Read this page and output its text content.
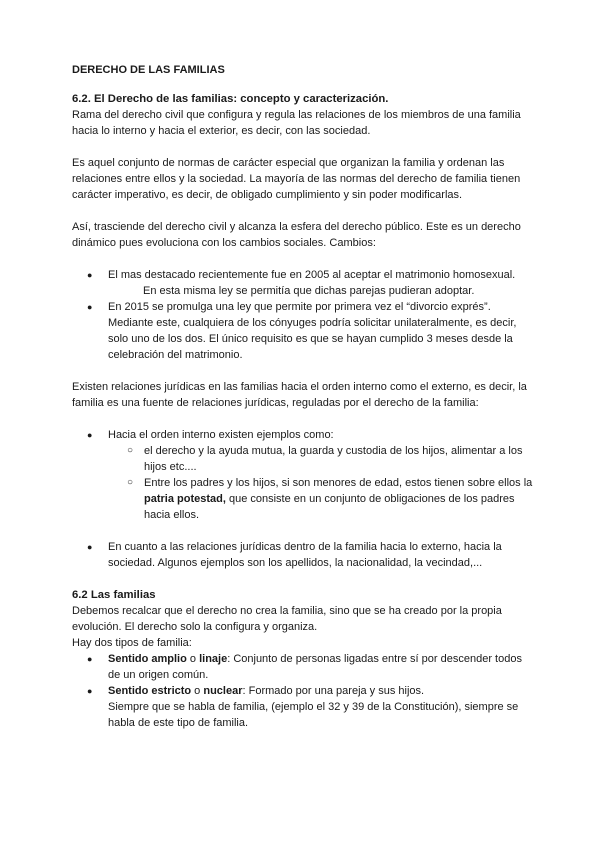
DERECHO DE LAS FAMILIAS
6.2. El Derecho de las familias: concepto y caracterización.

Rama del derecho civil que configura y regula las relaciones de los miembros de una familia hacia lo interno y hacia el exterior, es decir, con las sociedad.

Es aquel conjunto de normas de carácter especial que organizan la familia y ordenan las relaciones entre ellos y la sociedad. La mayoría de las normas del derecho de familia tienen carácter imperativo, es decir, de obligado cumplimiento y sin poder modificarlas.

Así, trasciende del derecho civil y alcanza la esfera del derecho público. Este es un derecho dinámico pues evoluciona con los cambios sociales. Cambios:

● El mas destacado recientemente fue en 2005 al aceptar el matrimonio homosexual.
En esta misma ley se permitía que dichas parejas pudieran adoptar.
● En 2015 se promulga una ley que permite por primera vez el “divorcio exprés”. Mediante este, cualquiera de los cónyuges podría solicitar unilateralmente, es decir, solo uno de los dos. El único requisito es que se hayan cumplido 3 meses desde la celebración del matrimonio.

Existen relaciones jurídicas en las familias hacia el orden interno como el externo, es decir, la familia es una fuente de relaciones jurídicas, reguladas por el derecho de la familia:

● Hacia el orden interno existen ejemplos como:
○ el derecho y la ayuda mutua, la guarda y custodia de los hijos, alimentar a los hijos etc....
○ Entre los padres y los hijos, si son menores de edad, estos tienen sobre ellos la patria potestad, que consiste en un conjunto de obligaciones de los padres hacia ellos.
● En cuanto a las relaciones jurídicas dentro de la familia hacia lo externo, hacia la sociedad. Algunos ejemplos son los apellidos, la nacionalidad, la vecindad,...
6.2 Las familias

Debemos recalcar que el derecho no crea la familia, sino que se ha creado por la propia evolución. El derecho solo la configura y organiza.

Hay dos tipos de familia:

● Sentido amplio o linaje: Conjunto de personas ligadas entre sí por descender todos de un origen común.
● Sentido estricto o nuclear: Formado por una pareja y sus hijos.
Siempre que se habla de familia, (ejemplo el 32 y 39 de la Constitución), siempre se habla de este tipo de familia.
